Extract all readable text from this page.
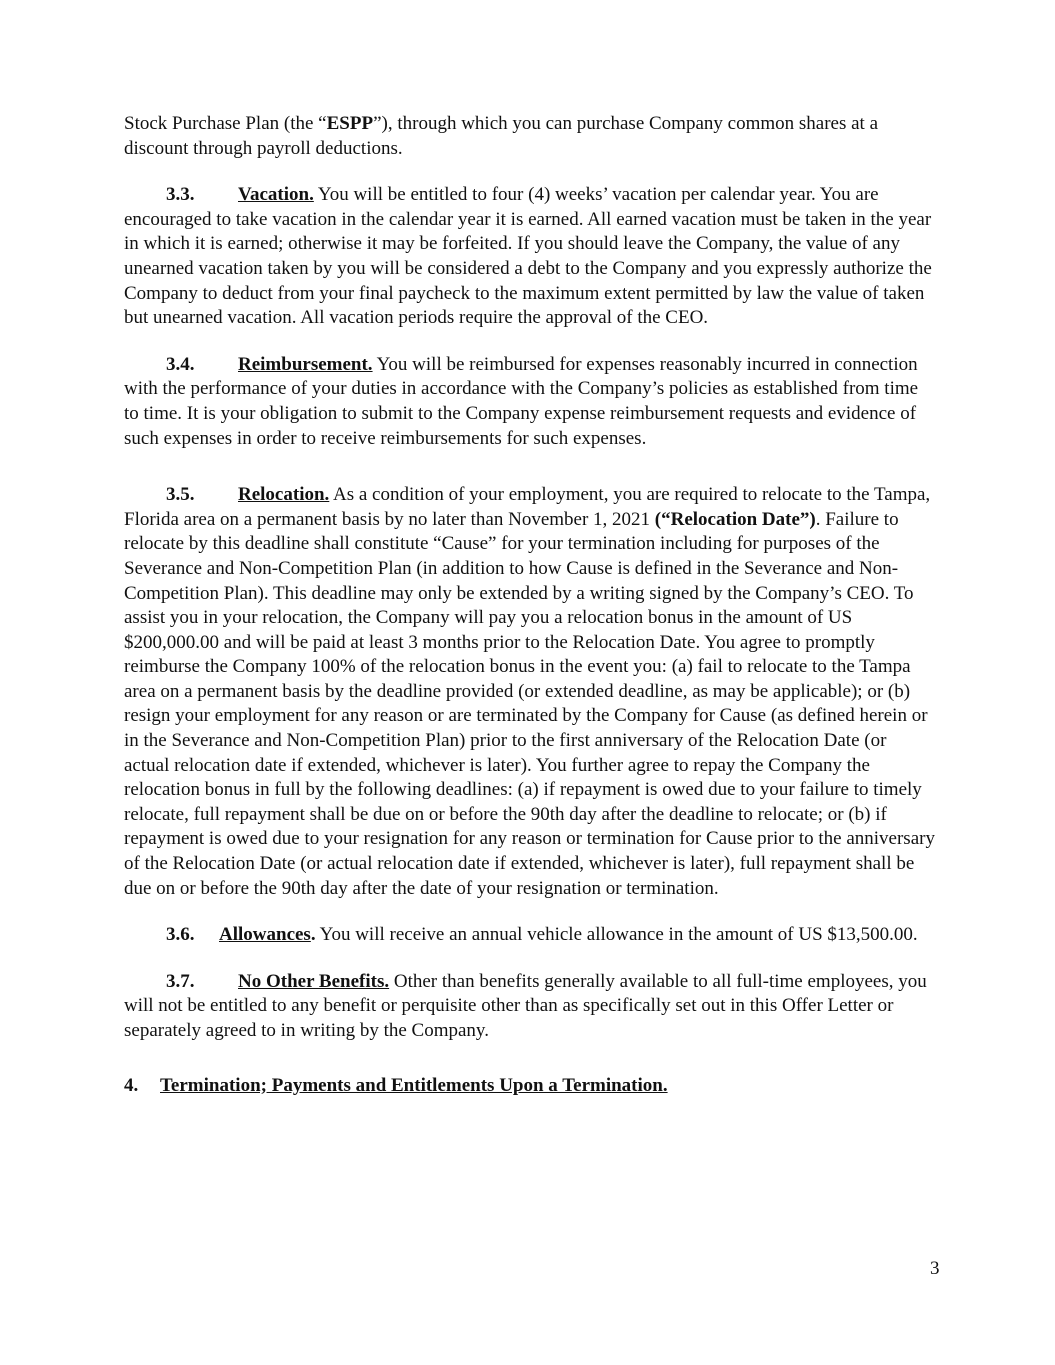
Stock Purchase Plan (the “ESPP”), through which you can purchase Company common shares at a discount through payroll deductions.

3.3. Vacation. You will be entitled to four (4) weeks’ vacation per calendar year. You are encouraged to take vacation in the calendar year it is earned. All earned vacation must be taken in the year in which it is earned; otherwise it may be forfeited. If you should leave the Company, the value of any unearned vacation taken by you will be considered a debt to the Company and you expressly authorize the Company to deduct from your final paycheck to the maximum extent permitted by law the value of taken but unearned vacation. All vacation periods require the approval of the CEO.

3.4. Reimbursement. You will be reimbursed for expenses reasonably incurred in connection with the performance of your duties in accordance with the Company’s policies as established from time to time. It is your obligation to submit to the Company expense reimbursement requests and evidence of such expenses in order to receive reimbursements for such expenses.

3.5. Relocation. As a condition of your employment, you are required to relocate to the Tampa, Florida area on a permanent basis by no later than November 1, 2021 (“Relocation Date”). Failure to relocate by this deadline shall constitute “Cause” for your termination including for purposes of the Severance and Non-Competition Plan (in addition to how Cause is defined in the Severance and Non-Competition Plan). This deadline may only be extended by a writing signed by the Company’s CEO. To assist you in your relocation, the Company will pay you a relocation bonus in the amount of US $200,000.00 and will be paid at least 3 months prior to the Relocation Date. You agree to promptly reimburse the Company 100% of the relocation bonus in the event you: (a) fail to relocate to the Tampa area on a permanent basis by the deadline provided (or extended deadline, as may be applicable); or (b) resign your employment for any reason or are terminated by the Company for Cause (as defined herein or in the Severance and Non-Competition Plan) prior to the first anniversary of the Relocation Date (or actual relocation date if extended, whichever is later). You further agree to repay the Company the relocation bonus in full by the following deadlines: (a) if repayment is owed due to your failure to timely relocate, full repayment shall be due on or before the 90th day after the deadline to relocate; or (b) if repayment is owed due to your resignation for any reason or termination for Cause prior to the anniversary of the Relocation Date (or actual relocation date if extended, whichever is later), full repayment shall be due on or before the 90th day after the date of your resignation or termination.

3.6. Allowances. You will receive an annual vehicle allowance in the amount of US $13,500.00.

3.7. No Other Benefits. Other than benefits generally available to all full-time employees, you will not be entitled to any benefit or perquisite other than as specifically set out in this Offer Letter or separately agreed to in writing by the Company.

4. Termination; Payments and Entitlements Upon a Termination.

3
